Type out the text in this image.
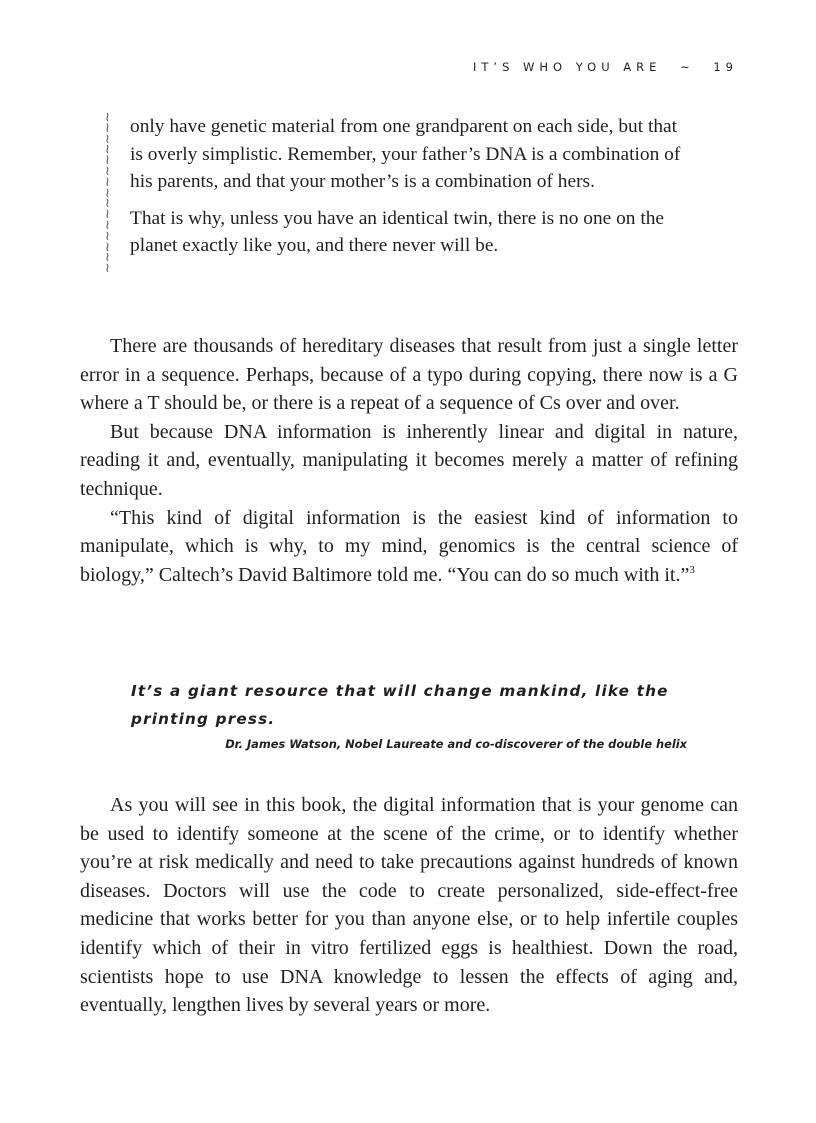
IT’S WHO YOU ARE ~ 19
≀
≀
≀
≀
≀
≀
≀
≀
≀
≀
≀
≀
≀
≀
≀

only have genetic material from one grandparent on each side, but that is overly simplistic. Remember, your father’s DNA is a combination of his parents, and that your mother’s is a combination of hers.

That is why, unless you have an identical twin, there is no one on the planet exactly like you, and there never will be.

There are thousands of hereditary diseases that result from just a single letter error in a sequence. Perhaps, because of a typo during copying, there now is a G where a T should be, or there is a repeat of a sequence of Cs over and over.

But because DNA information is inherently linear and digital in nature, reading it and, eventually, manipulating it becomes merely a matter of refining technique.

“This kind of digital information is the easiest kind of information to manipulate, which is why, to my mind, genomics is the central science of biology,” Caltech’s David Baltimore told me. “You can do so much with it.”$^3$

It’s a giant resource that will change mankind, like the printing press.

Dr. James Watson, Nobel Laureate and co-discoverer of the double helix

As you will see in this book, the digital information that is your genome can be used to identify someone at the scene of the crime, or to identify whether you’re at risk medically and need to take precautions against hundreds of known diseases. Doctors will use the code to create personalized, side-effect-free medicine that works better for you than anyone else, or to help infertile couples identify which of their in vitro fertilized eggs is healthiest. Down the road, scientists hope to use DNA knowledge to lessen the effects of aging and, eventually, lengthen lives by several years or more.
